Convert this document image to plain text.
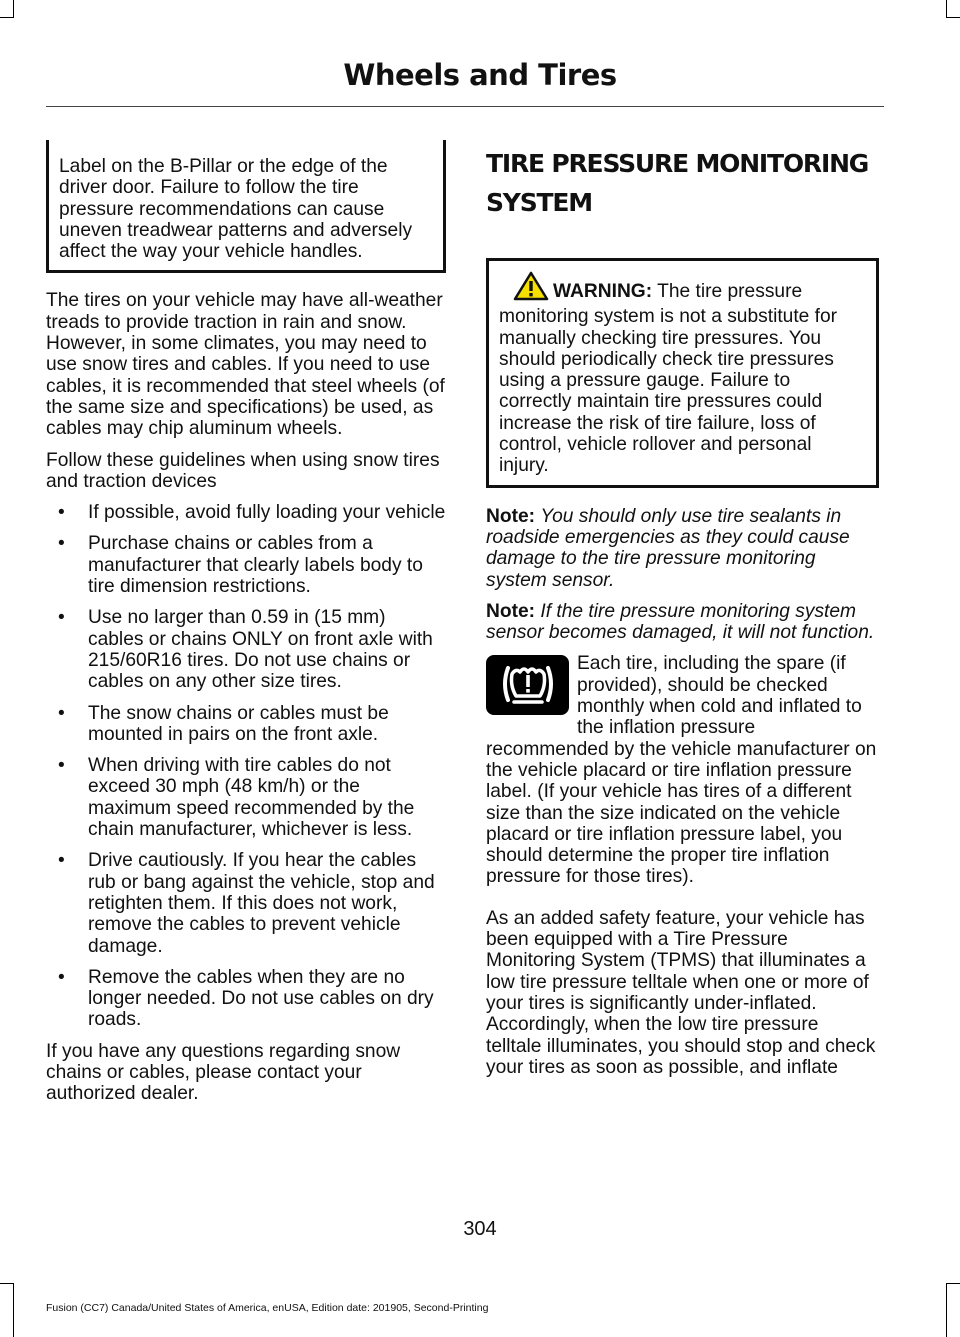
Wheels and Tires
Label on the B-Pillar or the edge of the driver door. Failure to follow the tire pressure recommendations can cause uneven treadwear patterns and adversely affect the way your vehicle handles.

The tires on your vehicle may have all-weather treads to provide traction in rain and snow. However, in some climates, you may need to use snow tires and cables. If you need to use cables, it is recommended that steel wheels (of the same size and specifications) be used, as cables may chip aluminum wheels.

Follow these guidelines when using snow tires and traction devices

• If possible, avoid fully loading your vehicle
• Purchase chains or cables from a manufacturer that clearly labels body to tire dimension restrictions.
• Use no larger than 0.59 in (15 mm) cables or chains ONLY on front axle with 215/60R16 tires. Do not use chains or cables on any other size tires.
• The snow chains or cables must be mounted in pairs on the front axle.
• When driving with tire cables do not exceed 30 mph (48 km/h) or the maximum speed recommended by the chain manufacturer, whichever is less.
• Drive cautiously. If you hear the cables rub or bang against the vehicle, stop and retighten them. If this does not work, remove the cables to prevent vehicle damage.
• Remove the cables when they are no longer needed. Do not use cables on dry roads.

If you have any questions regarding snow chains or cables, please contact your authorized dealer.

TIRE PRESSURE MONITORING
SYSTEM
WARNING: The tire pressure monitoring system is not a substitute for manually checking tire pressures. You should periodically check tire pressures using a pressure gauge. Failure to correctly maintain tire pressures could increase the risk of tire failure, loss of control, vehicle rollover and personal injury.

Note: You should only use tire sealants in roadside emergencies as they could cause damage to the tire pressure monitoring system sensor.

Note: If the tire pressure monitoring system sensor becomes damaged, it will not function.

Each tire, including the spare (if provided), should be checked monthly when cold and inflated to the inflation pressure recommended by the vehicle manufacturer on the vehicle placard or tire inflation pressure label. (If your vehicle has tires of a different size than the size indicated on the vehicle placard or tire inflation pressure label, you should determine the proper tire inflation pressure for those tires).

As an added safety feature, your vehicle has been equipped with a Tire Pressure Monitoring System (TPMS) that illuminates a low tire pressure telltale when one or more of your tires is significantly under-inflated. Accordingly, when the low tire pressure telltale illuminates, you should stop and check your tires as soon as possible, and inflate

304
Fusion (CC7) Canada/United States of America, enUSA, Edition date: 201905, Second-Printing
